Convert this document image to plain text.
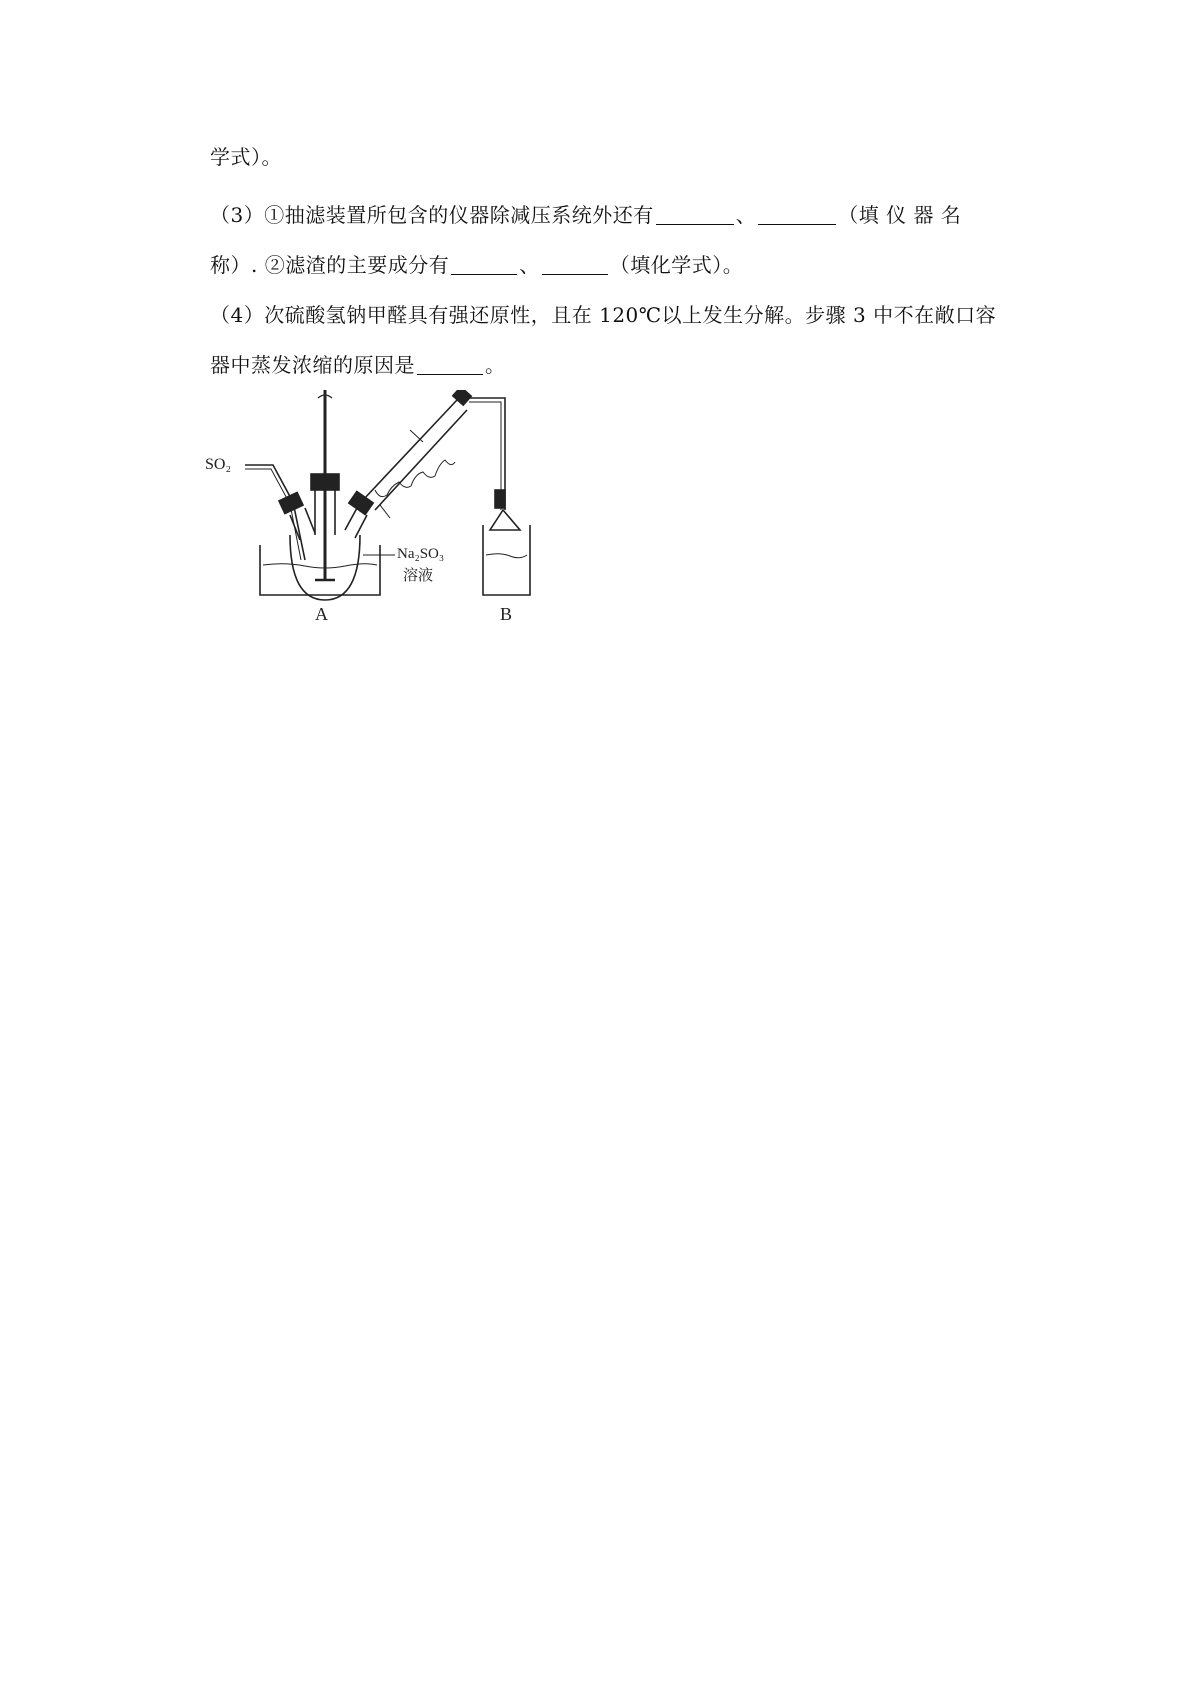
学式）。
（3）①抽滤装置所包含的仪器除减压系统外还有	、	（填 仪 器 名
称）. ②滤渣的主要成分有	、	（填化学式）。
（4）次硫酸氢钠甲醛具有强还原性，且在 120℃以上发生分解。步骤 3 中不在敞口容
器中蒸发浓缩的原因是	。
SO₂
Na₂SO₃
溶液
A	B
